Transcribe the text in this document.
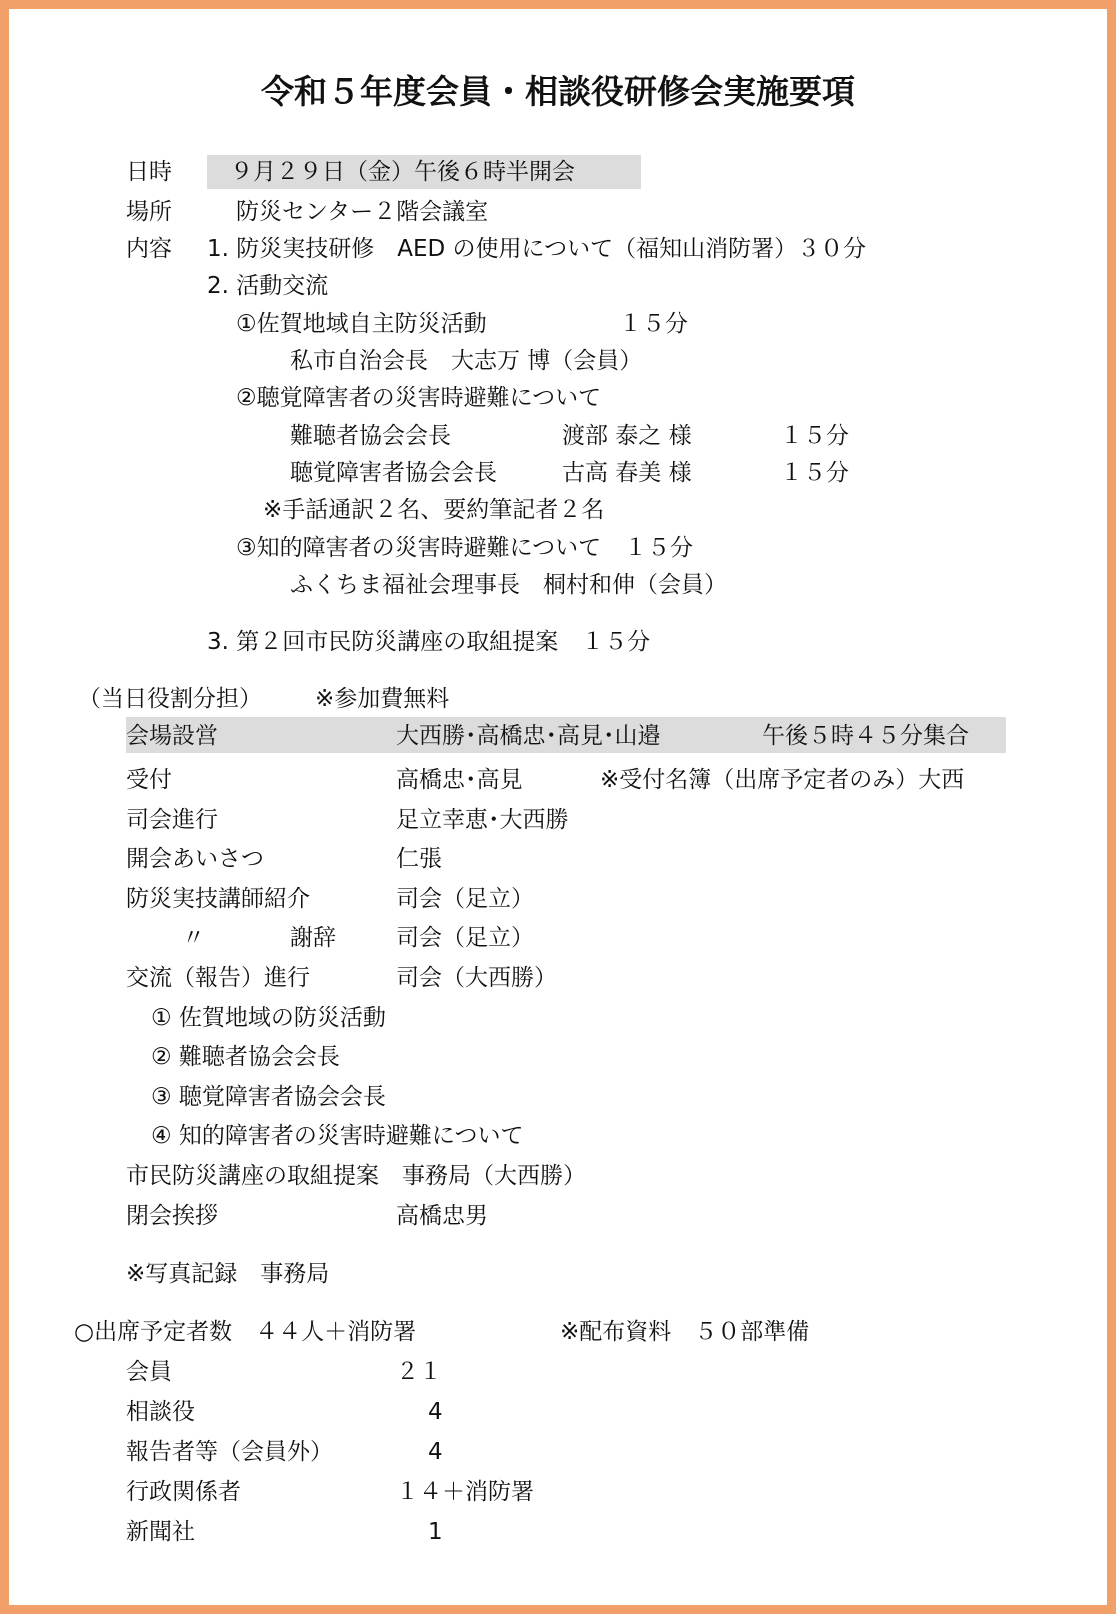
令和５年度会員・相談役研修会実施要項
日時 　９月２９日（金）午後６時半開会
場所	防災センター２階会議室
内容 1. 防災実技研修　AED の使用について（福知山消防署）３０分
2. 活動交流
①佐賀地域自主防災活動	１５分
私市自治会長　大志万 博（会員）
②聴覚障害者の災害時避難について
難聴者協会会長	渡部 泰之 様	１５分
聴覚障害者協会会長	古高 春美 様	１５分
※手話通訳２名、要約筆記者２名
③知的障害者の災害時避難について　１５分
ふくちま福祉会理事長　桐村和伸（会員）
3. 第２回市民防災講座の取組提案　１５分
（当日役割分担） ※参加費無料
会場設営	大西勝･高橋忠･高見･山邉	午後５時４５分集合
受付	高橋忠･高見	※受付名簿（出席予定者のみ）大西
司会進行	足立幸恵･大西勝
開会あいさつ	仁張
防災実技講師紹介	司会（足立）
〃	謝辞	司会（足立）
交流（報告）進行	司会（大西勝）
① 佐賀地域の防災活動
② 難聴者協会会長
③ 聴覚障害者協会会長
④ 知的障害者の災害時避難について
市民防災講座の取組提案　事務局（大西勝）
閉会挨拶	高橋忠男
※写真記録　事務局
○出席予定者数　４４人＋消防署	※配布資料　５０部準備
会員	２１
相談役	4
報告者等（会員外）	4
行政関係者	１４＋消防署
新聞社	1
